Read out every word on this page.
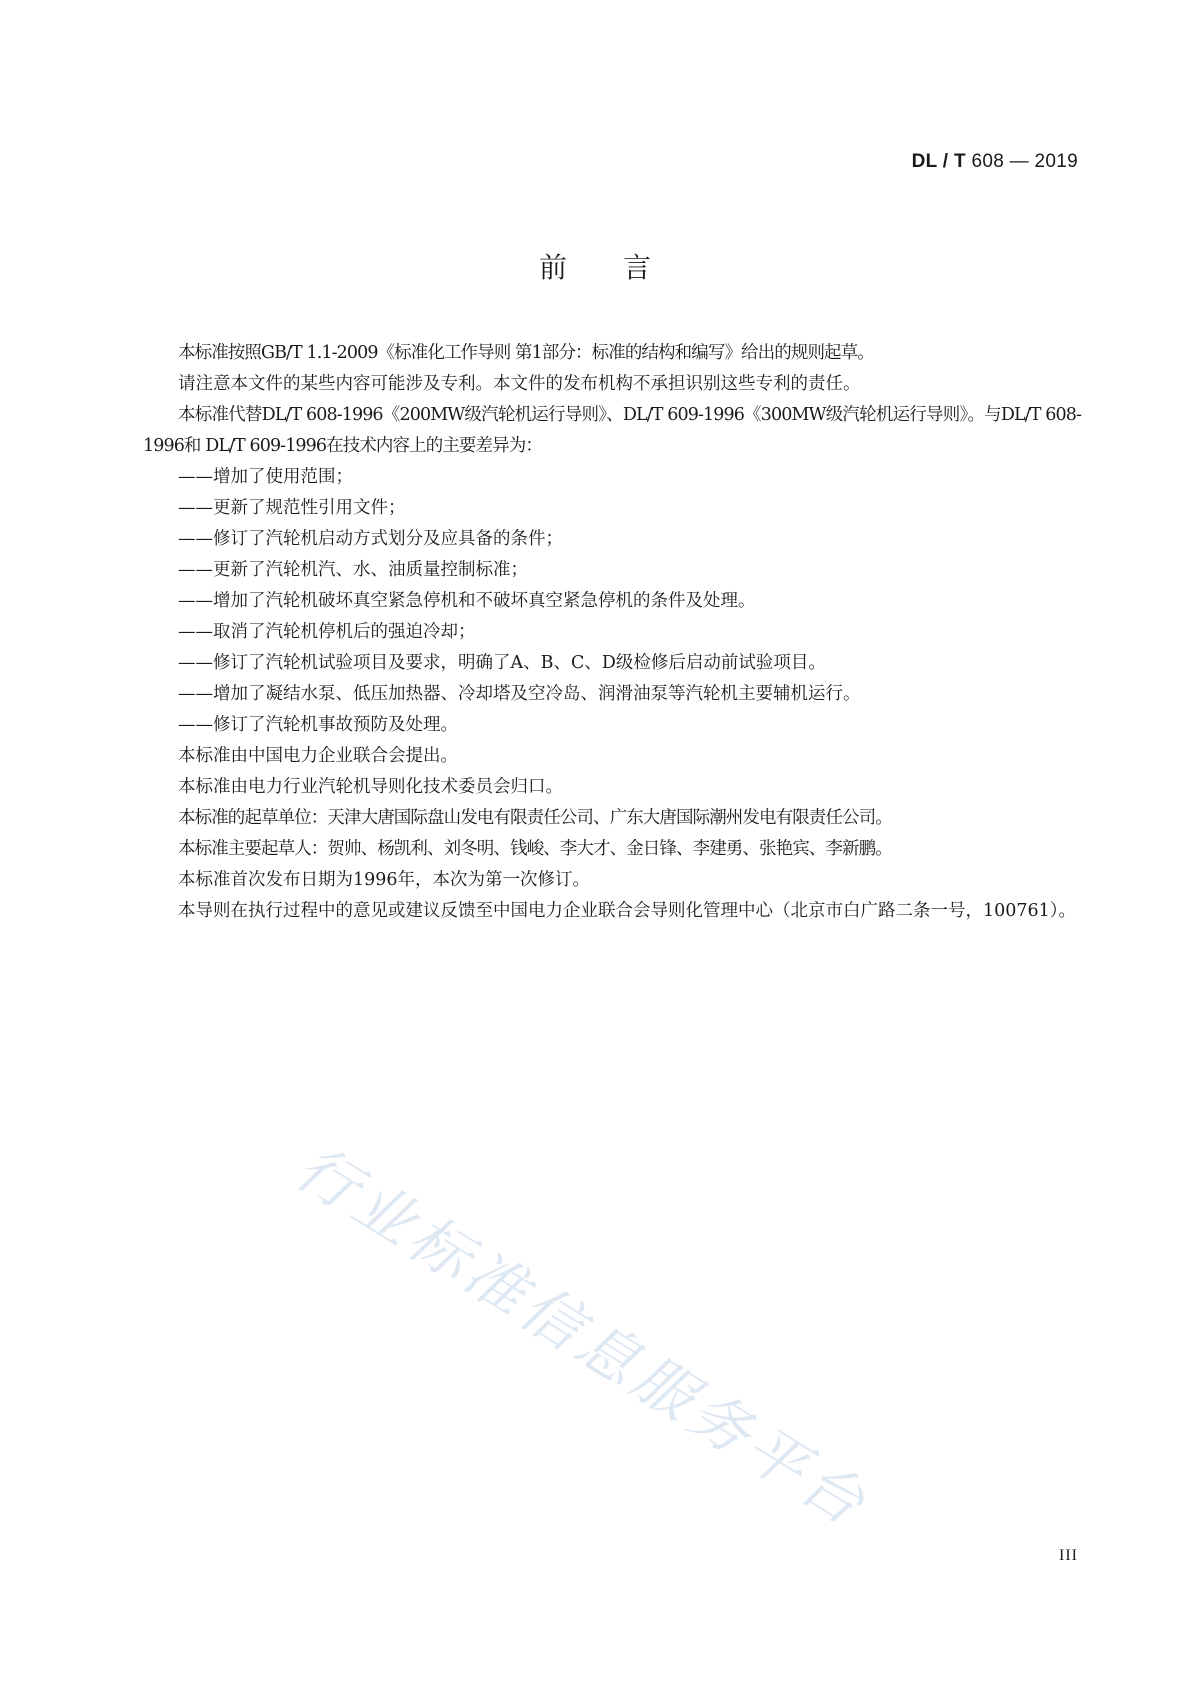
DL / T 608 — 2019
前言

本标准按照GB/T 1.1-2009《标准化工作导则 第1部分：标准的结构和编写》给出的规则起草。

请注意本文件的某些内容可能涉及专利。本文件的发布机构不承担识别这些专利的责任。

本标准代替DL/T 608-1996《200MW级汽轮机运行导则》、DL/T 609-1996《300MW级汽轮机运行导则》。与DL/T 608-1996和 DL/T 609-1996在技术内容上的主要差异为：

——增加了使用范围；
——更新了规范性引用文件；
——修订了汽轮机启动方式划分及应具备的条件；
——更新了汽轮机汽、水、油质量控制标准；
——增加了汽轮机破坏真空紧急停机和不破坏真空紧急停机的条件及处理。
——取消了汽轮机停机后的强迫冷却；
——修订了汽轮机试验项目及要求，明确了A、B、C、D级检修后启动前试验项目。
——增加了凝结水泵、低压加热器、冷却塔及空冷岛、润滑油泵等汽轮机主要辅机运行。
——修订了汽轮机事故预防及处理。

本标准由中国电力企业联合会提出。

本标准由电力行业汽轮机导则化技术委员会归口。

本标准的起草单位：天津大唐国际盘山发电有限责任公司、广东大唐国际潮州发电有限责任公司。

本标准主要起草人：贺帅、杨凯利、刘冬明、钱峻、李大才、金日锋、李建勇、张艳宾、李新鹏。

本标准首次发布日期为1996年，本次为第一次修订。

本导则在执行过程中的意见或建议反馈至中国电力企业联合会导则化管理中心（北京市白广路二条一号，100761）。

行业标准信息服务平台
III
